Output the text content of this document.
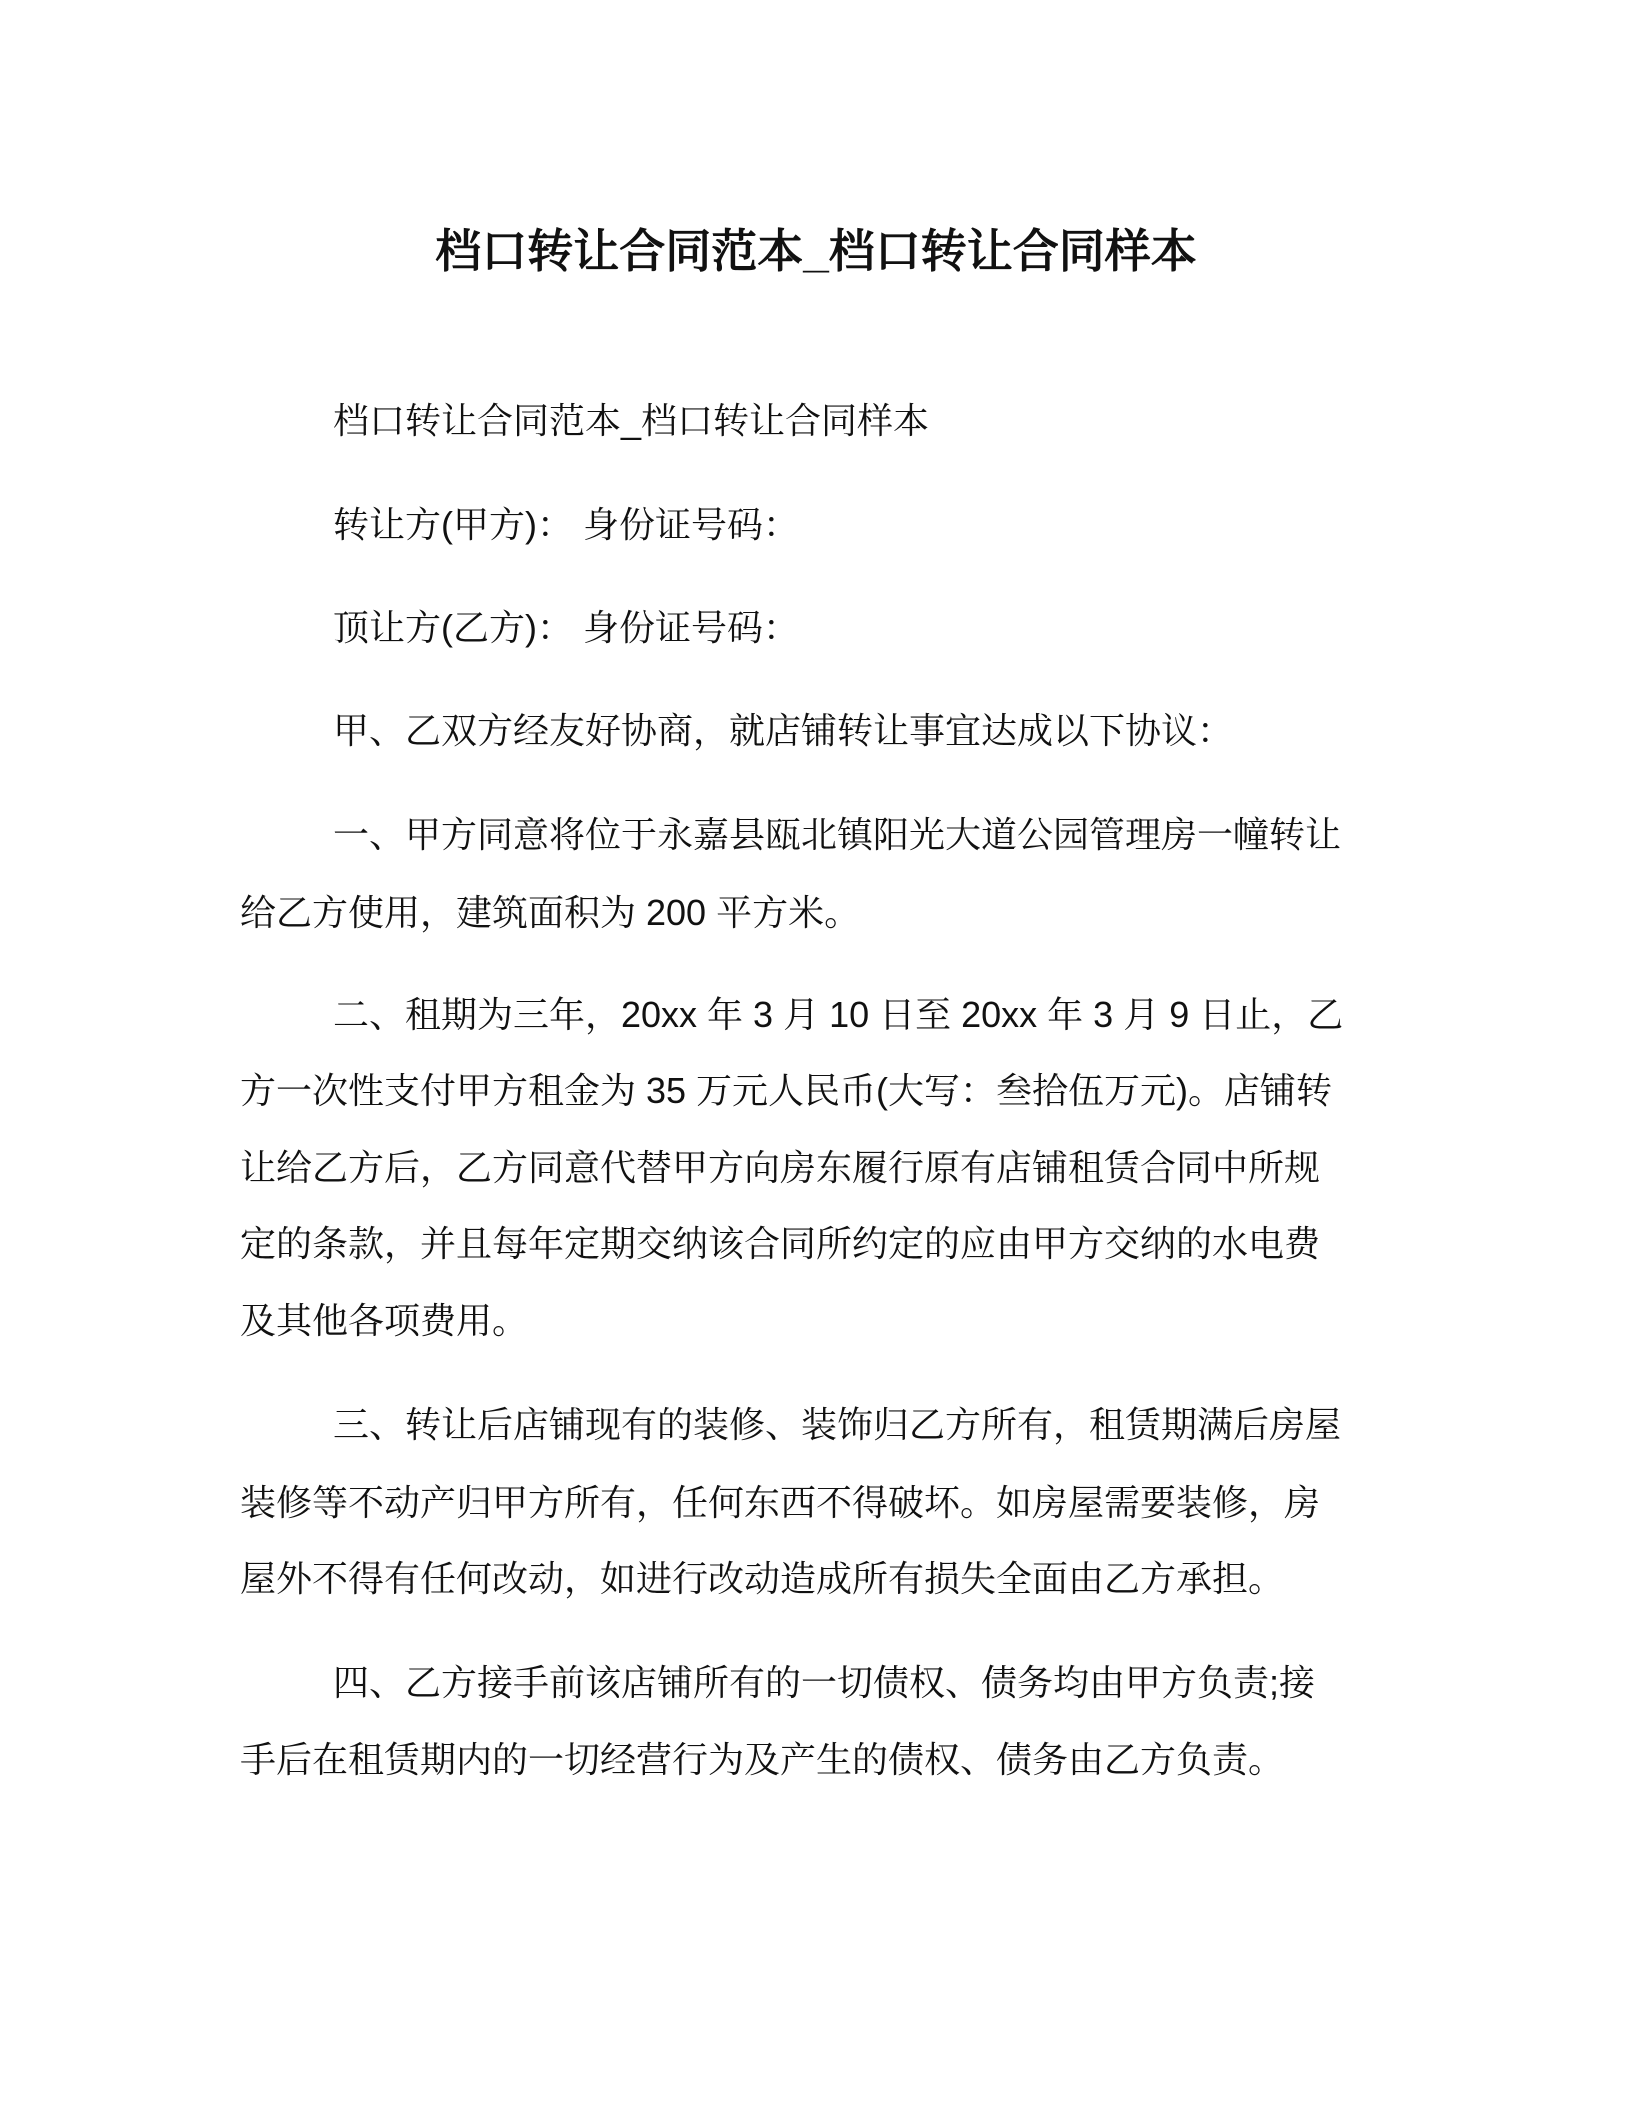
档口转让合同范本_档口转让合同样本
档口转让合同范本_档口转让合同样本
转让方(甲方)： 身份证号码：
顶让方(乙方)： 身份证号码：
甲、乙双方经友好协商，就店铺转让事宜达成以下协议：
一、甲方同意将位于永嘉县瓯北镇阳光大道公园管理房一幢转让
给乙方使用，建筑面积为 200 平方米。
二、租期为三年，20xx 年 3 月 10 日至 20xx 年 3 月 9 日止，乙
方一次性支付甲方租金为 35 万元人民币(大写：叁拾伍万元)。店铺转
让给乙方后，乙方同意代替甲方向房东履行原有店铺租赁合同中所规
定的条款，并且每年定期交纳该合同所约定的应由甲方交纳的水电费
及其他各项费用。
三、转让后店铺现有的装修、装饰归乙方所有，租赁期满后房屋
装修等不动产归甲方所有，任何东西不得破坏。如房屋需要装修，房
屋外不得有任何改动，如进行改动造成所有损失全面由乙方承担。
四、乙方接手前该店铺所有的一切债权、债务均由甲方负责;接
手后在租赁期内的一切经营行为及产生的债权、债务由乙方负责。
